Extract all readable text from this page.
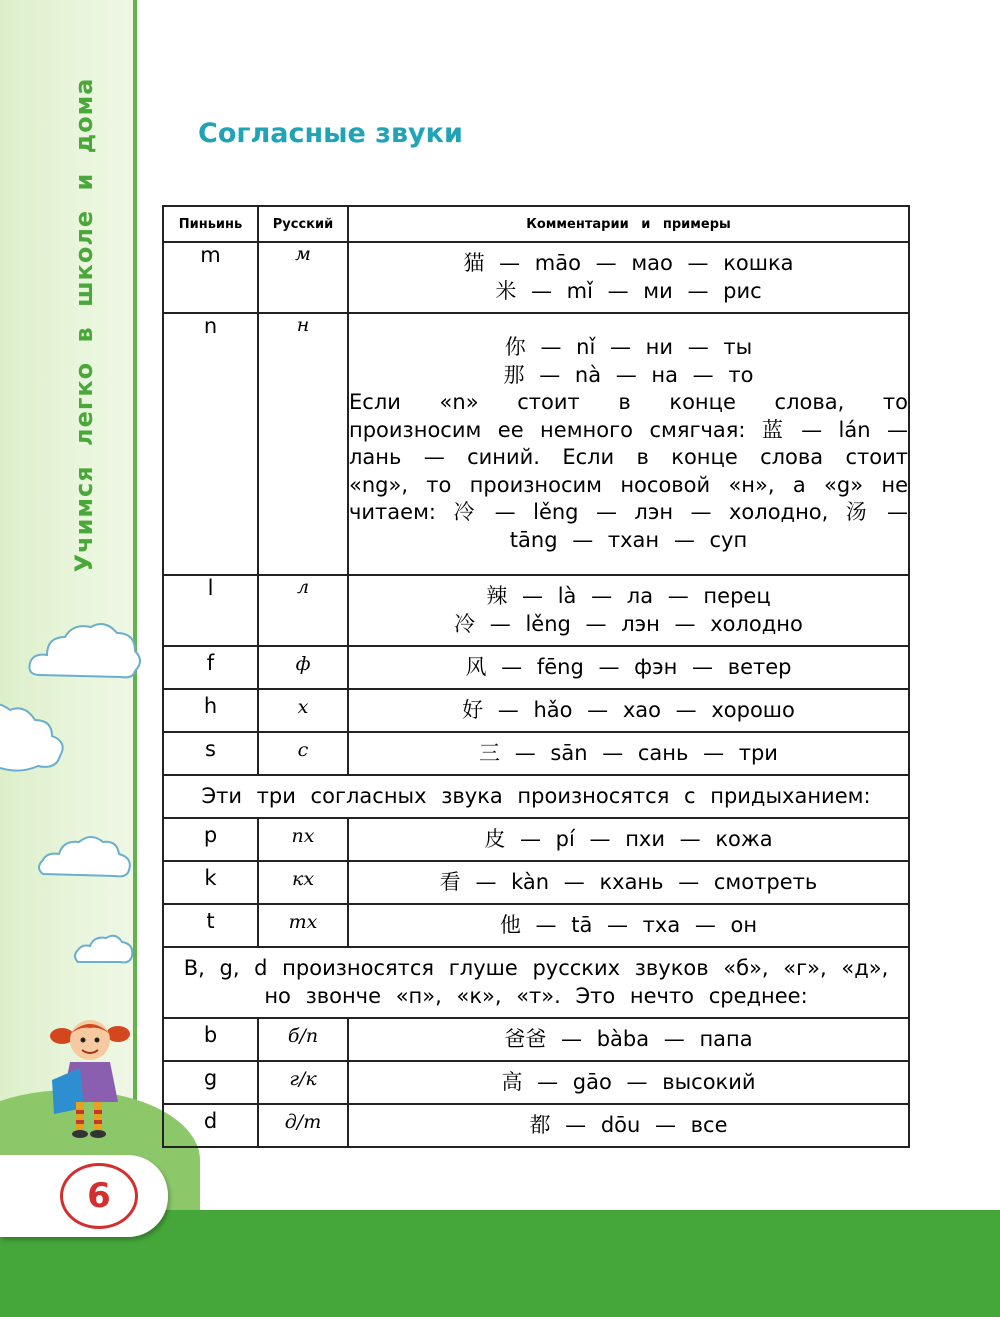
Учимся легко в школе и дома
6
Согласные звуки
Пиньинь	Русский	Комментарии и примеры
m	м	猫 — māo — мао — кошка
米 — mǐ — ми — рис

n	н	你 — nǐ — ни — ты
那 — nà — на — то
Если «n» стоит в конце слова, то произносим ее немного смягчая: 蓝 — lán — лань — синий. Если в конце слова стоит «ng», то произносим носовой «н», а «g» не читаем: 冷 — lěng — лэн — холодно, 汤 — tāng — тхан — суп

l	л	辣 — là — ла — перец
冷 — lěng — лэн — холодно

f	ф	风 — fēng — фэн — ветер

h	х	好 — hǎo — хао — хорошо

s	с	三 — sān — сань — три

Эти три согласных звука произносятся с придыханием:		
p	пх	皮 — pí — пхи — кожа

k	кх	看 — kàn — кхань — смотреть

t	тх	他 — tā — тха — он

B, g, d произносятся глуше русских звуков «б», «г», «д», но звонче «п», «к», «т». Это нечто среднее:		
b	б/п	爸爸 — bàba — папа

g	г/к	高 — gāo — высокий

d	д/т	都 — dōu — все
